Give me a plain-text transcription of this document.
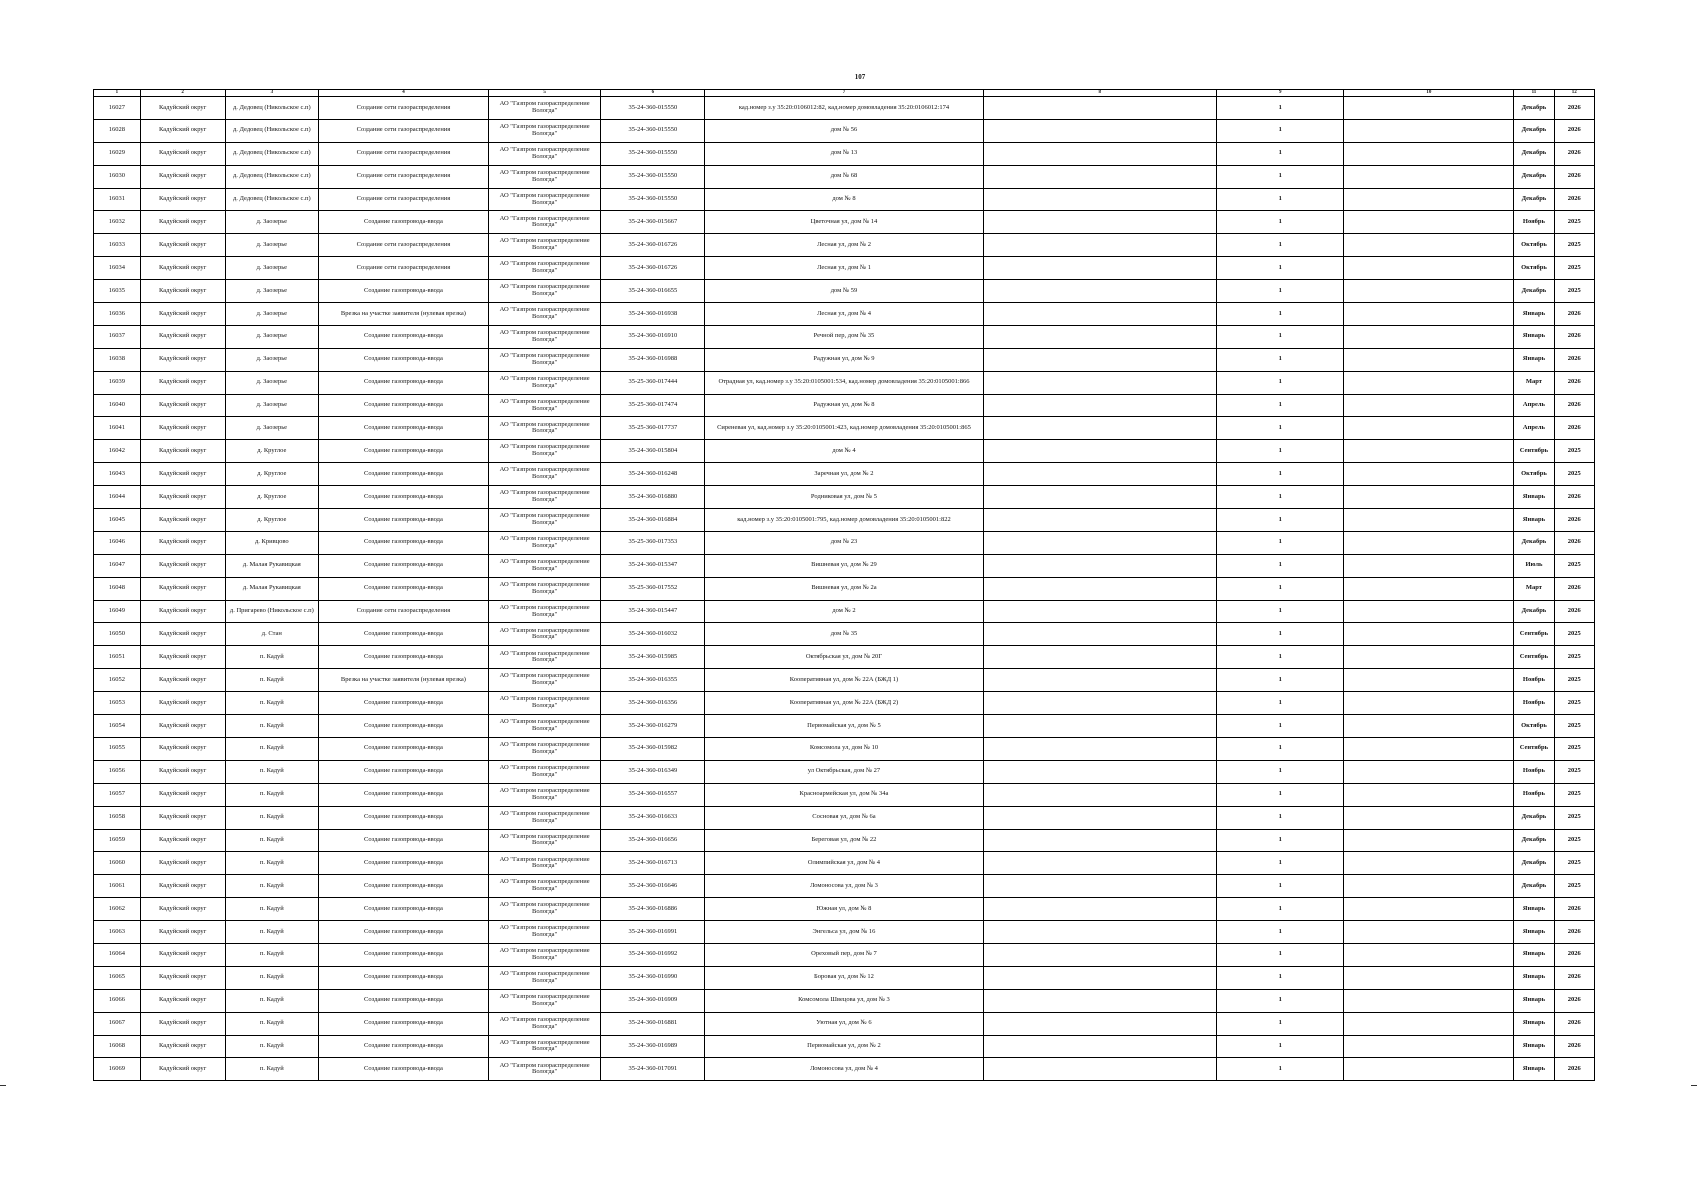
107
1	2	3	4	5	6	7	8	9	10	11	12
16027	Кадуйский округ	д. Дедовец (Никольское с.п)	Создание сети газораспределения	АО "Газпром газораспределение Вологда"	35-24-360-015550	кад.номер з.у 35:20:0106012:82, кад.номер домовладения 35:20:0106012:174		1		Декабрь	2026
16028	Кадуйский округ	д. Дедовец (Никольское с.п)	Создание сети газораспределения	АО "Газпром газораспределение Вологда"	35-24-360-015550	дом № 56		1		Декабрь	2026
16029	Кадуйский округ	д. Дедовец (Никольское с.п)	Создание сети газораспределения	АО "Газпром газораспределение Вологда"	35-24-360-015550	дом № 13		1		Декабрь	2026
16030	Кадуйский округ	д. Дедовец (Никольское с.п)	Создание сети газораспределения	АО "Газпром газораспределение Вологда"	35-24-360-015550	дом № 68		1		Декабрь	2026
16031	Кадуйский округ	д. Дедовец (Никольское с.п)	Создание сети газораспределения	АО "Газпром газораспределение Вологда"	35-24-360-015550	дом № 8		1		Декабрь	2026
16032	Кадуйский округ	д. Заозерье	Создание газопровода-ввода	АО "Газпром газораспределение Вологда"	35-24-360-015667	Цветочная ул, дом № 14		1		Ноябрь	2025
16033	Кадуйский округ	д. Заозерье	Создание сети газораспределения	АО "Газпром газораспределение Вологда"	35-24-360-016726	Лесная ул, дом № 2		1		Октябрь	2025
16034	Кадуйский округ	д. Заозерье	Создание сети газораспределения	АО "Газпром газораспределение Вологда"	35-24-360-016726	Лесная ул, дом № 1		1		Октябрь	2025
16035	Кадуйский округ	д. Заозерье	Создание газопровода-ввода	АО "Газпром газораспределение Вологда"	35-24-360-016655	дом № 59		1		Декабрь	2025
16036	Кадуйский округ	д. Заозерье	Врезка на участке заявителя (нулевая врезка)	АО "Газпром газораспределение Вологда"	35-24-360-016938	Лесная ул, дом № 4		1		Январь	2026
16037	Кадуйский округ	д. Заозерье	Создание газопровода-ввода	АО "Газпром газораспределение Вологда"	35-24-360-016910	Речной пер, дом № 35		1		Январь	2026
16038	Кадуйский округ	д. Заозерье	Создание газопровода-ввода	АО "Газпром газораспределение Вологда"	35-24-360-016988	Радужная ул, дом № 9		1		Январь	2026
16039	Кадуйский округ	д. Заозерье	Создание газопровода-ввода	АО "Газпром газораспределение Вологда"	35-25-360-017444	Отрадная ул, кад.номер з.у 35:20:0105001:534, кад.номер домовладения 35:20:0105001:866		1		Март	2026
16040	Кадуйский округ	д. Заозерье	Создание газопровода-ввода	АО "Газпром газораспределение Вологда"	35-25-360-017474	Радужная ул, дом № 8		1		Апрель	2026
16041	Кадуйский округ	д. Заозерье	Создание газопровода-ввода	АО "Газпром газораспределение Вологда"	35-25-360-017737	Сиреневая ул, кад.номер з.у 35:20:0105001:423, кад.номер домовладения 35:20:0105001:865		1		Апрель	2026
16042	Кадуйский округ	д. Круглое	Создание газопровода-ввода	АО "Газпром газораспределение Вологда"	35-24-360-015804	дом № 4		1		Сентябрь	2025
16043	Кадуйский округ	д. Круглое	Создание газопровода-ввода	АО "Газпром газораспределение Вологда"	35-24-360-016248	Заречная ул, дом № 2		1		Октябрь	2025
16044	Кадуйский округ	д. Круглое	Создание газопровода-ввода	АО "Газпром газораспределение Вологда"	35-24-360-016880	Родниковая ул, дом № 5		1		Январь	2026
16045	Кадуйский округ	д. Круглое	Создание газопровода-ввода	АО "Газпром газораспределение Вологда"	35-24-360-016884	кад.номер з.у 35:20:0105001:795, кад.номер домовладения 35:20:0105001:822		1		Январь	2026
16046	Кадуйский округ	д. Кривцово	Создание газопровода-ввода	АО "Газпром газораспределение Вологда"	35-25-360-017353	дом № 23		1		Декабрь	2026
16047	Кадуйский округ	д. Малая Рукавицкая	Создание газопровода-ввода	АО "Газпром газораспределение Вологда"	35-24-360-015347	Вишневая ул, дом № 29		1		Июль	2025
16048	Кадуйский округ	д. Малая Рукавицкая	Создание газопровода-ввода	АО "Газпром газораспределение Вологда"	35-25-360-017552	Вишневая ул, дом № 2а		1		Март	2026
16049	Кадуйский округ	д. Пригарево (Никольское с.п)	Создание сети газораспределения	АО "Газпром газораспределение Вологда"	35-24-360-015447	дом № 2		1		Декабрь	2026
16050	Кадуйский округ	д. Стан	Создание газопровода-ввода	АО "Газпром газораспределение Вологда"	35-24-360-016032	дом № 35		1		Сентябрь	2025
16051	Кадуйский округ	п. Кадуй	Создание газопровода-ввода	АО "Газпром газораспределение Вологда"	35-24-360-015985	Октябрьская ул, дом № 20Г		1		Сентябрь	2025
16052	Кадуйский округ	п. Кадуй	Врезка на участке заявителя (нулевая врезка)	АО "Газпром газораспределение Вологда"	35-24-360-016355	Кооперативная ул, дом № 22А (БЖД 1)		1		Ноябрь	2025
16053	Кадуйский округ	п. Кадуй	Создание газопровода-ввода	АО "Газпром газораспределение Вологда"	35-24-360-016356	Кооперативная ул, дом № 22А (БЖД 2)		1		Ноябрь	2025
16054	Кадуйский округ	п. Кадуй	Создание газопровода-ввода	АО "Газпром газораспределение Вологда"	35-24-360-016279	Первомайская ул, дом № 5		1		Октябрь	2025
16055	Кадуйский округ	п. Кадуй	Создание газопровода-ввода	АО "Газпром газораспределение Вологда"	35-24-360-015982	Комсомола ул, дом № 10		1		Сентябрь	2025
16056	Кадуйский округ	п. Кадуй	Создание газопровода-ввода	АО "Газпром газораспределение Вологда"	35-24-360-016349	ул Октябрьская, дом № 27		1		Ноябрь	2025
16057	Кадуйский округ	п. Кадуй	Создание газопровода-ввода	АО "Газпром газораспределение Вологда"	35-24-360-016557	Красноармейская ул, дом № 34а		1		Ноябрь	2025
16058	Кадуйский округ	п. Кадуй	Создание газопровода-ввода	АО "Газпром газораспределение Вологда"	35-24-360-016633	Сосновая ул, дом № 6а		1		Декабрь	2025
16059	Кадуйский округ	п. Кадуй	Создание газопровода-ввода	АО "Газпром газораспределение Вологда"	35-24-360-016656	Береговая ул, дом № 22		1		Декабрь	2025
16060	Кадуйский округ	п. Кадуй	Создание газопровода-ввода	АО "Газпром газораспределение Вологда"	35-24-360-016713	Олимпийская ул, дом № 4		1		Декабрь	2025
16061	Кадуйский округ	п. Кадуй	Создание газопровода-ввода	АО "Газпром газораспределение Вологда"	35-24-360-016646	Ломоносова ул, дом № 3		1		Декабрь	2025
16062	Кадуйский округ	п. Кадуй	Создание газопровода-ввода	АО "Газпром газораспределение Вологда"	35-24-360-016886	Южная ул, дом № 8		1		Январь	2026
16063	Кадуйский округ	п. Кадуй	Создание газопровода-ввода	АО "Газпром газораспределение Вологда"	35-24-360-016991	Энгельса ул, дом № 16		1		Январь	2026
16064	Кадуйский округ	п. Кадуй	Создание газопровода-ввода	АО "Газпром газораспределение Вологда"	35-24-360-016992	Ореховый пер, дом № 7		1		Январь	2026
16065	Кадуйский округ	п. Кадуй	Создание газопровода-ввода	АО "Газпром газораспределение Вологда"	35-24-360-016990	Боровая ул, дом № 12		1		Январь	2026
16066	Кадуйский округ	п. Кадуй	Создание газопровода-ввода	АО "Газпром газораспределение Вологда"	35-24-360-016909	Комсомола Швецова ул, дом № 3		1		Январь	2026
16067	Кадуйский округ	п. Кадуй	Создание газопровода-ввода	АО "Газпром газораспределение Вологда"	35-24-360-016881	Уютная ул, дом № 6		1		Январь	2026
16068	Кадуйский округ	п. Кадуй	Создание газопровода-ввода	АО "Газпром газораспределение Вологда"	35-24-360-016989	Первомайская ул, дом № 2		1		Январь	2026
16069	Кадуйский округ	п. Кадуй	Создание газопровода-ввода	АО "Газпром газораспределение Вологда"	35-24-360-017091	Ломоносова ул, дом № 4		1		Январь	2026
